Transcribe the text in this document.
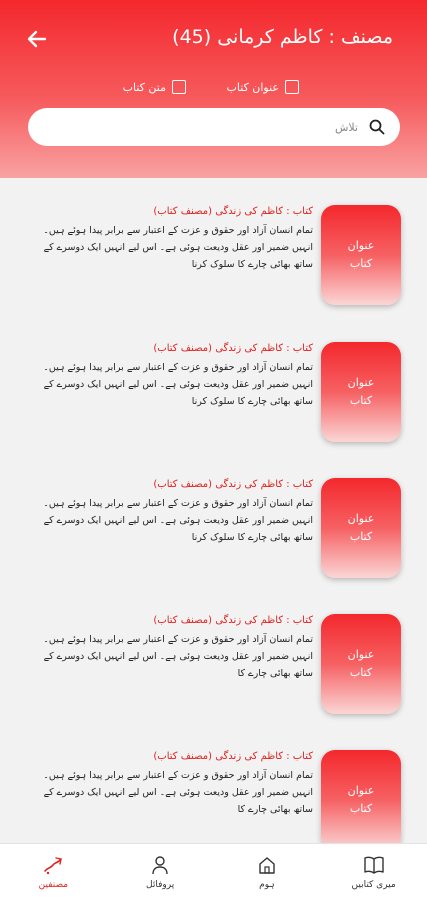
مصنف : کاظم کرمانی (45)
عنوان کتاب
متن کتاب
تلاش
عنوان
کتاب
کتاب : کاظم کی زندگی (مصنف کتاب)
تمام انسان آزاد اور حقوق و عزت کے اعتبار سے برابر پیدا ہوئے ہیں۔ انہیں ضمیر اور عقل ودیعت ہوئی ہے۔ اس لیے انہیں ایک دوسرے کے ساتھ بھائی چارے کا سلوک کرنا
عنوان
کتاب
کتاب : کاظم کی زندگی (مصنف کتاب)
تمام انسان آزاد اور حقوق و عزت کے اعتبار سے برابر پیدا ہوئے ہیں۔ انہیں ضمیر اور عقل ودیعت ہوئی ہے۔ اس لیے انہیں ایک دوسرے کے ساتھ بھائی چارے کا سلوک کرنا
عنوان
کتاب
کتاب : کاظم کی زندگی (مصنف کتاب)
تمام انسان آزاد اور حقوق و عزت کے اعتبار سے برابر پیدا ہوئے ہیں۔ انہیں ضمیر اور عقل ودیعت ہوئی ہے۔ اس لیے انہیں ایک دوسرے کے ساتھ بھائی چارے کا سلوک کرنا
عنوان
کتاب
کتاب : کاظم کی زندگی (مصنف کتاب)
تمام انسان آزاد اور حقوق و عزت کے اعتبار سے برابر پیدا ہوئے ہیں۔ انہیں ضمیر اور عقل ودیعت ہوئی ہے۔ اس لیے انہیں ایک دوسرے کے ساتھ بھائی چارے کا
عنوان
کتاب
کتاب : کاظم کی زندگی (مصنف کتاب)
تمام انسان آزاد اور حقوق و عزت کے اعتبار سے برابر پیدا ہوئے ہیں۔ انہیں ضمیر اور عقل ودیعت ہوئی ہے۔ اس لیے انہیں ایک دوسرے کے ساتھ بھائی چارے کا
مصنفین	پروفائل	ہوم	میری کتابیں
